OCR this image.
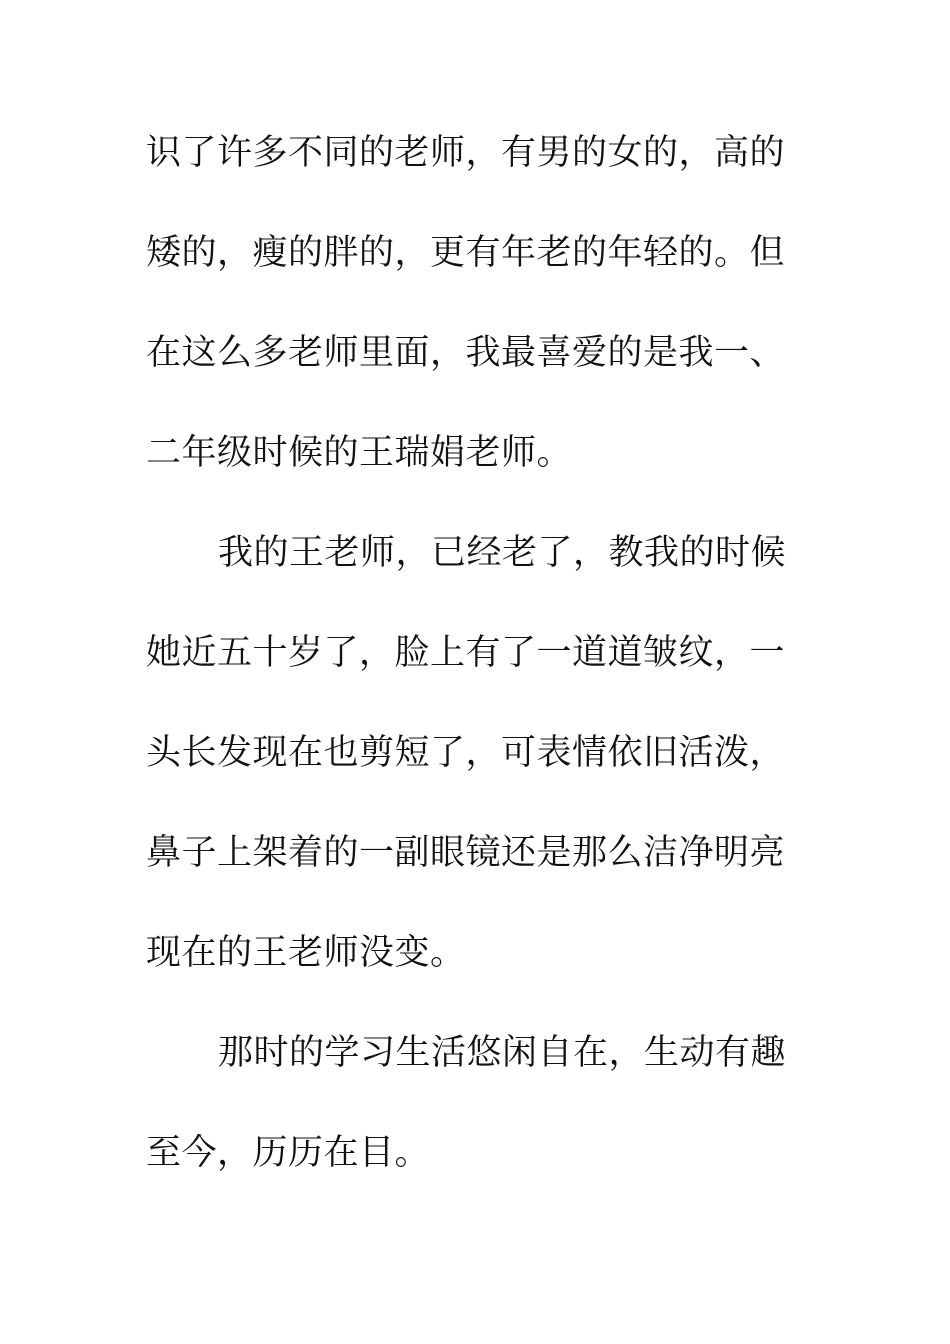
识了许多不同的老师，有男的女的，高的
矮的，瘦的胖的，更有年老的年轻的。但
在这么多老师里面，我最喜爱的是我一、
二年级时候的王瑞娟老师。
我的王老师，已经老了，教我的时候
她近五十岁了，脸上有了一道道皱纹，一
头长发现在也剪短了，可表情依旧活泼，
鼻子上架着的一副眼镜还是那么洁净明亮
现在的王老师没变。
那时的学习生活悠闲自在，生动有趣
至今，历历在目。
